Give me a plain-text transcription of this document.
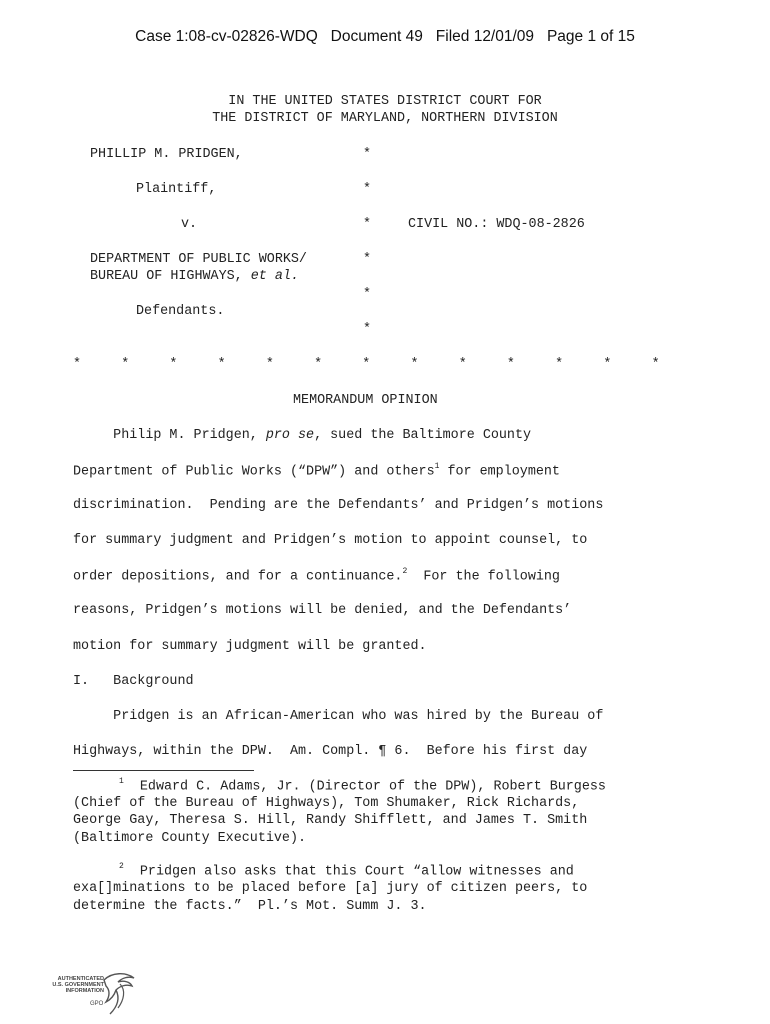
Case 1:08-cv-02826-WDQ   Document 49   Filed 12/01/09   Page 1 of 15
IN THE UNITED STATES DISTRICT COURT FOR
THE DISTRICT OF MARYLAND, NORTHERN DIVISION
PHILLIP M. PRIDGEN,	*
Plaintiff,	*
v.	*	CIVIL NO.: WDQ-08-2826
DEPARTMENT OF PUBLIC WORKS/	*
BUREAU OF HIGHWAYS, et al.
*
Defendants.
*
*     *     *     *     *     *     *     *     *     *     *     *     *
MEMORANDUM OPINION
Philip M. Pridgen, pro se, sued the Baltimore County
Department of Public Works (“DPW”) and others$^1$ for employment
discrimination.  Pending are the Defendants’ and Pridgen’s motions
for summary judgment and Pridgen’s motion to appoint counsel, to
order depositions, and for a continuance.$^2$  For the following
reasons, Pridgen’s motions will be denied, and the Defendants’
motion for summary judgment will be granted.
I.   Background
Pridgen is an African-American who was hired by the Bureau of
Highways, within the DPW.  Am. Compl. ¶ 6.  Before his first day
$^1$  Edward C. Adams, Jr. (Director of the DPW), Robert Burgess
(Chief of the Bureau of Highways), Tom Shumaker, Rick Richards,
George Gay, Theresa S. Hill, Randy Shifflett, and James T. Smith
(Baltimore County Executive).
$^2$  Pridgen also asks that this Court “allow witnesses and
exa[]minations to be placed before [a] jury of citizen peers, to
determine the facts.”  Pl.’s Mot. Summ J. 3.
AUTHENTICATED
U.S. GOVERNMENT
INFORMATION
GPO
